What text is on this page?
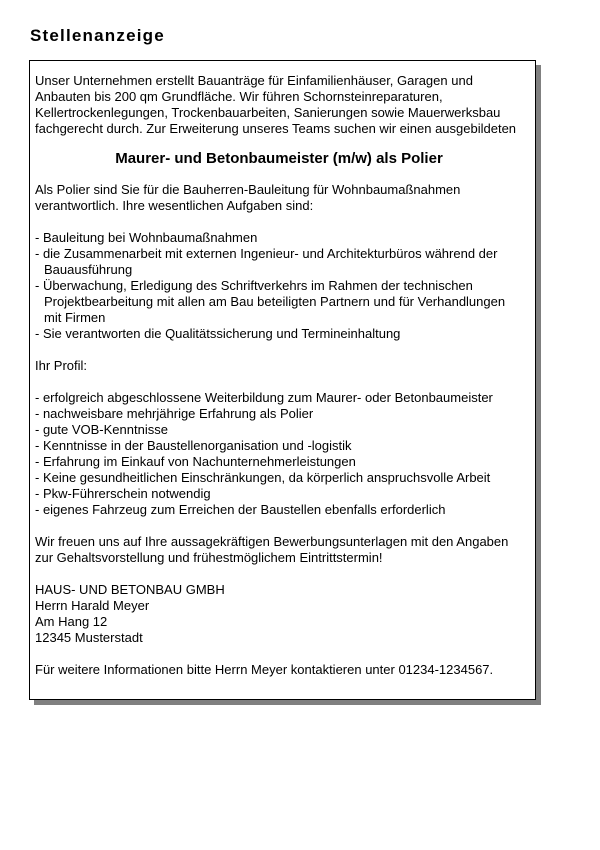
Stellenanzeige

Unser Unternehmen erstellt Bauanträge für Einfamilienhäuser, Garagen und Anbauten bis 200 qm Grundfläche. Wir führen Schornsteinreparaturen, Kellertrockenlegungen, Trockenbauarbeiten, Sanierungen sowie Mauerwerksbau fachgerecht durch. Zur Erweiterung unseres Teams suchen wir einen ausgebildeten

Maurer- und Betonbaumeister (m/w) als Polier

Als Polier sind Sie für die Bauherren-Bauleitung für Wohnbaumaßnahmen verantwortlich. Ihre wesentlichen Aufgaben sind:

- Bauleitung bei Wohnbaumaßnahmen
- die Zusammenarbeit mit externen Ingenieur- und Architekturbüros während der Bauausführung
- Überwachung, Erledigung des Schriftverkehrs im Rahmen der technischen Projektbearbeitung mit allen am Bau beteiligten Partnern und für Verhandlungen mit Firmen
- Sie verantworten die Qualitätssicherung und Termineinhaltung

Ihr Profil:

- erfolgreich abgeschlossene Weiterbildung zum Maurer- oder Betonbaumeister
- nachweisbare mehrjährige Erfahrung als Polier
- gute VOB-Kenntnisse
- Kenntnisse in der Baustellenorganisation und -logistik
- Erfahrung im Einkauf von Nachunternehmerleistungen
- Keine gesundheitlichen Einschränkungen, da körperlich anspruchsvolle Arbeit
- Pkw-Führerschein notwendig
- eigenes Fahrzeug zum Erreichen der Baustellen ebenfalls erforderlich

Wir freuen uns auf Ihre aussagekräftigen Bewerbungsunterlagen mit den Angaben zur Gehaltsvorstellung und frühestmöglichem Eintrittstermin!

HAUS- UND BETONBAU GMBH
Herrn Harald Meyer
Am Hang 12
12345 Musterstadt

Für weitere Informationen bitte Herrn Meyer kontaktieren unter 01234-1234567.
